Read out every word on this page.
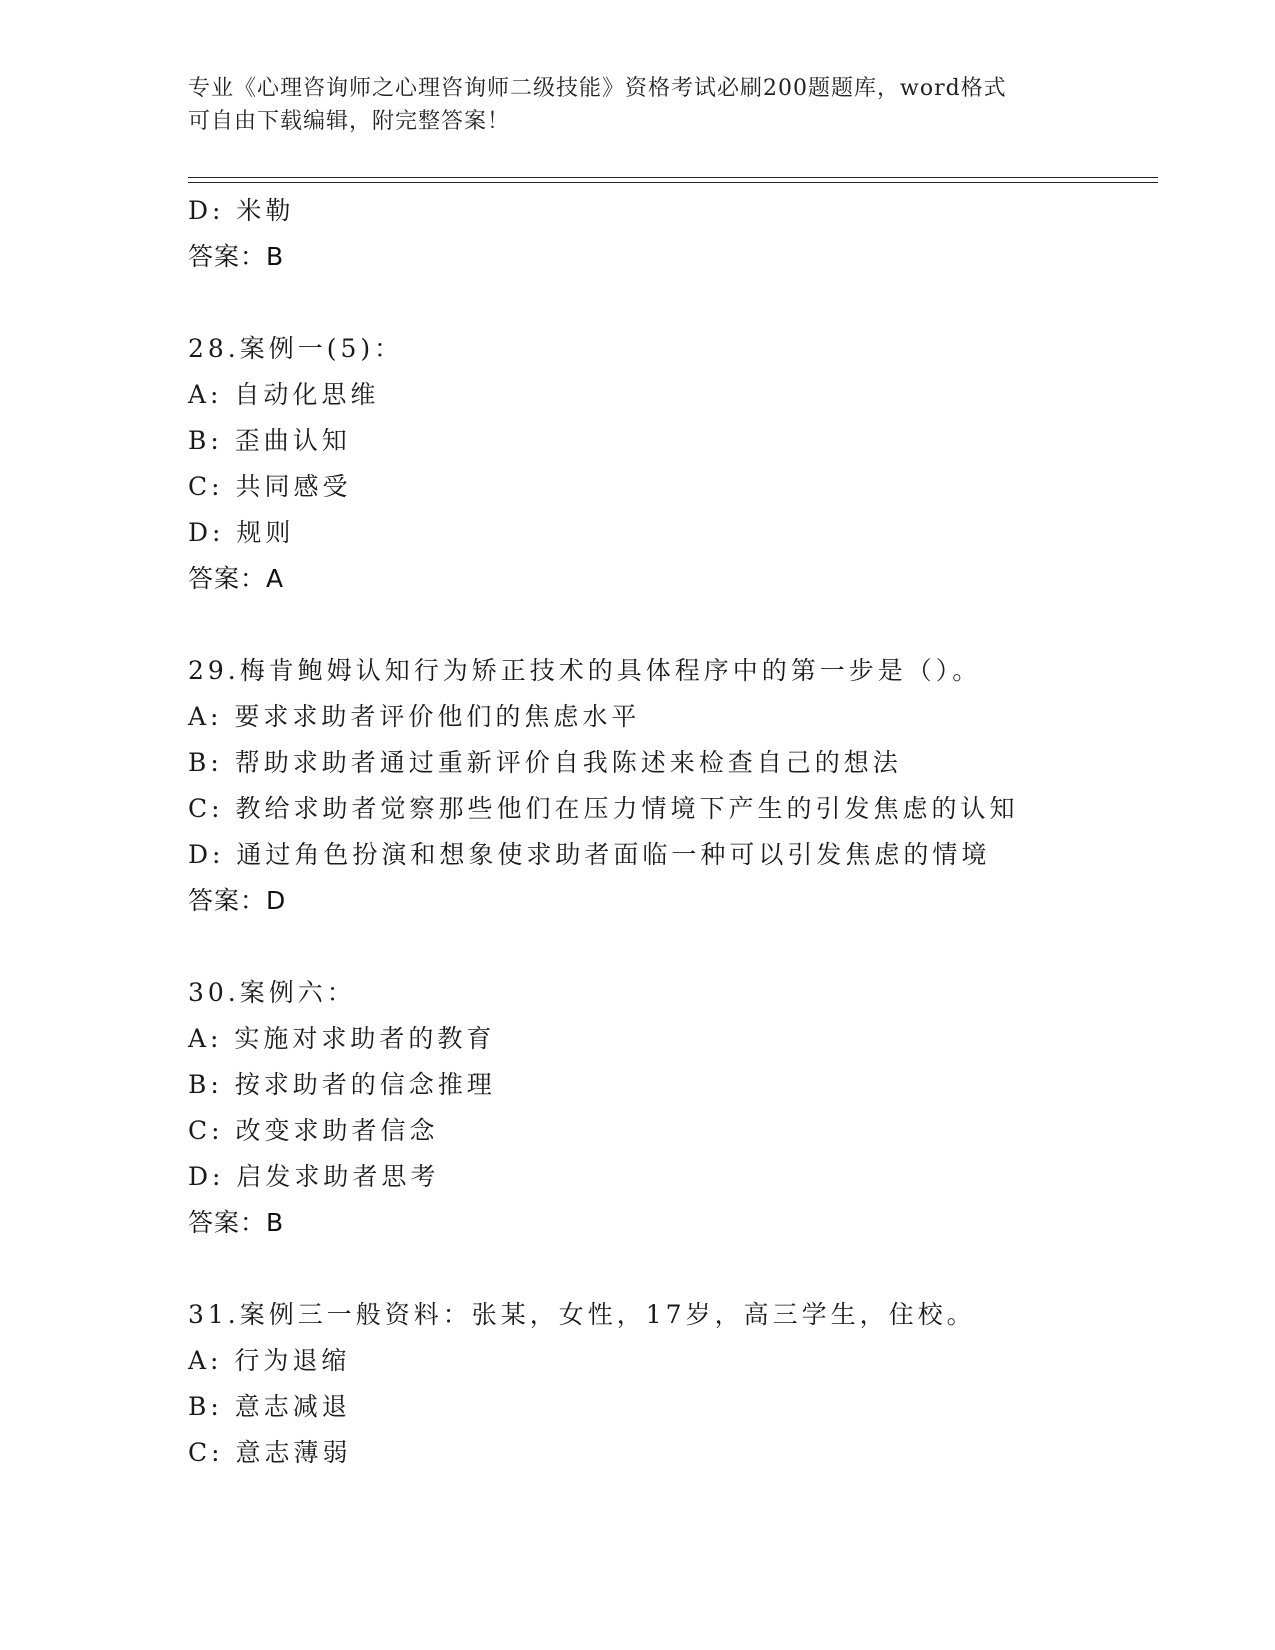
专业《心理咨询师之心理咨询师二级技能》资格考试必刷200题题库，word格式
可自由下载编辑，附完整答案！
D: 米勒
答案：B
28.案例一(5)：
A: 自动化思维
B: 歪曲认知
C: 共同感受
D: 规则
答案：A
29.梅肯鲍姆认知行为矫正技术的具体程序中的第一步是（）。
A: 要求求助者评价他们的焦虑水平
B: 帮助求助者通过重新评价自我陈述来检查自己的想法
C: 教给求助者觉察那些他们在压力情境下产生的引发焦虑的认知
D: 通过角色扮演和想象使求助者面临一种可以引发焦虑的情境
答案：D
30.案例六：
A: 实施对求助者的教育
B: 按求助者的信念推理
C: 改变求助者信念
D: 启发求助者思考
答案：B
31.案例三一般资料：张某，女性，17岁，高三学生，住校。
A: 行为退缩
B: 意志减退
C: 意志薄弱
